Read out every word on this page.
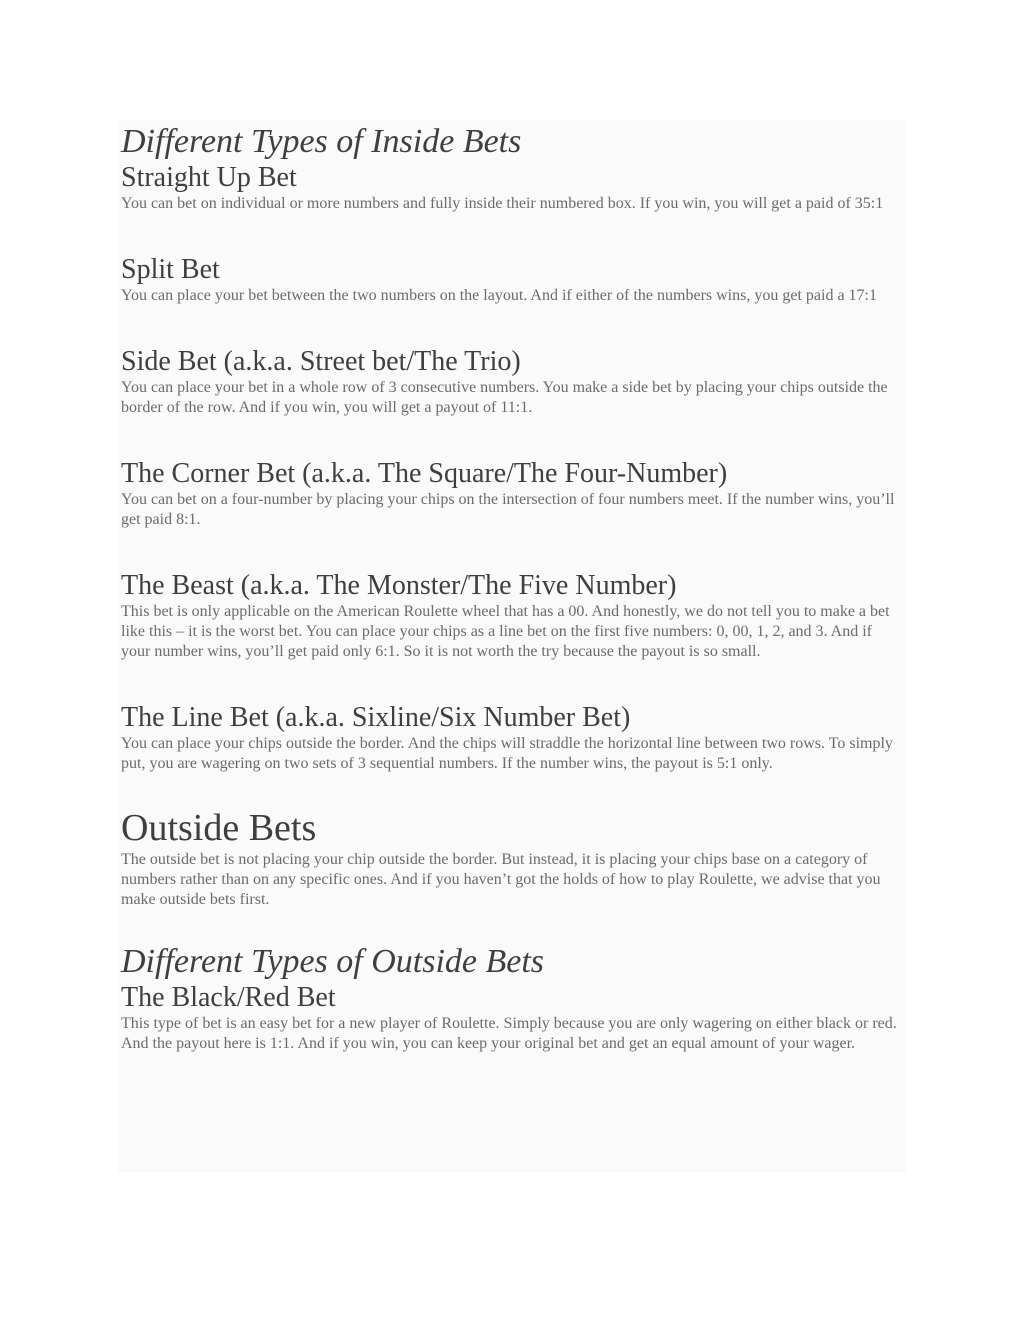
Different Types of Inside Bets
Straight Up Bet

You can bet on individual or more numbers and fully inside their numbered box. If you win, you will get a paid of 35:1

Split Bet

You can place your bet between the two numbers on the layout. And if either of the numbers wins, you get paid a 17:1

Side Bet (a.k.a. Street bet/The Trio)

You can place your bet in a whole row of 3 consecutive numbers. You make a side bet by placing your chips outside the border of the row. And if you win, you will get a payout of 11:1.

The Corner Bet (a.k.a. The Square/The Four-Number)

You can bet on a four-number by placing your chips on the intersection of four numbers meet. If the number wins, you’ll get paid 8:1.

The Beast (a.k.a. The Monster/The Five Number)

This bet is only applicable on the American Roulette wheel that has a 00. And honestly, we do not tell you to make a bet like this – it is the worst bet. You can place your chips as a line bet on the first five numbers: 0, 00, 1, 2, and 3. And if your number wins, you’ll get paid only 6:1. So it is not worth the try because the payout is so small.

The Line Bet (a.k.a. Sixline/Six Number Bet)

You can place your chips outside the border. And the chips will straddle the horizontal line between two rows. To simply put, you are wagering on two sets of 3 sequential numbers. If the number wins, the payout is 5:1 only.

Outside Bets

The outside bet is not placing your chip outside the border. But instead, it is placing your chips base on a category of numbers rather than on any specific ones. And if you haven’t got the holds of how to play Roulette, we advise that you make outside bets first.

Different Types of Outside Bets
The Black/Red Bet

This type of bet is an easy bet for a new player of Roulette. Simply because you are only wagering on either black or red. And the payout here is 1:1. And if you win, you can keep your original bet and get an equal amount of your wager.
